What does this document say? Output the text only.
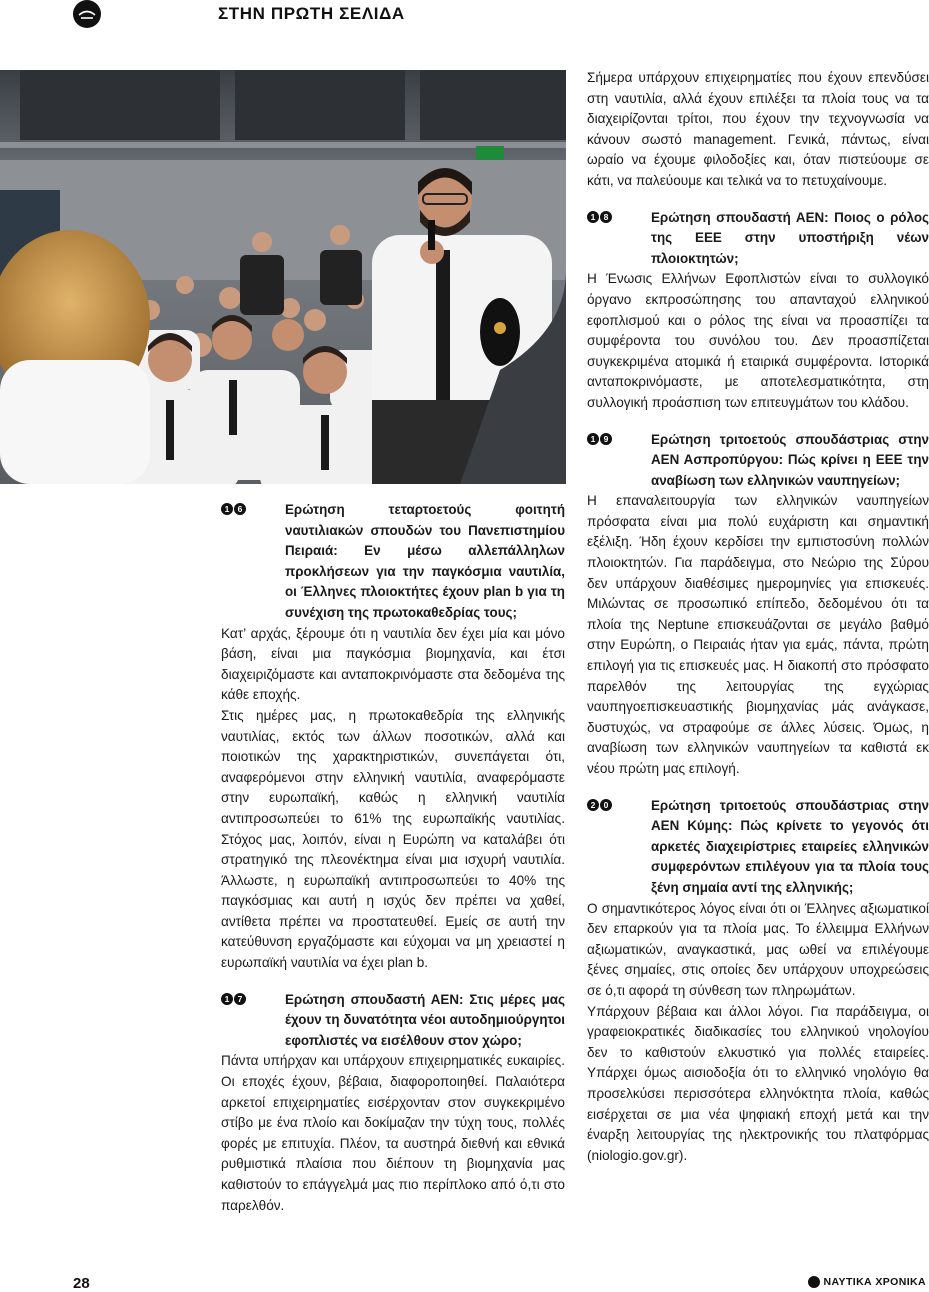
ΣΤΗΝ ΠΡΩΤΗ ΣΕΛΙΔΑ
1 6	Ερώτηση τεταρτοετούς φοιτητή ναυτιλιακών σπουδών του Πανεπιστημίου Πειραιά: Εν μέσω αλλεπάλληλων προκλήσεων για την παγκόσμια ναυτιλία, οι Έλληνες πλοιοκτήτες έχουν plan b για τη συνέχιση της πρωτοκαθεδρίας τους;

Κατ’ αρχάς, ξέρουμε ότι η ναυτιλία δεν έχει μία και μόνο βάση, είναι μια παγκόσμια βιομηχανία, και έτσι διαχειριζόμαστε και ανταποκρινόμαστε στα δεδομένα της κάθε εποχής.

Στις ημέρες μας, η πρωτοκαθεδρία της ελληνικής ναυτιλίας, εκτός των άλλων ποσοτικών, αλλά και ποιοτικών της χαρακτηριστικών, συνεπάγεται ότι, αναφερόμενοι στην ελληνική ναυτιλία, αναφερόμαστε στην ευρωπαϊκή, καθώς η ελληνική ναυτιλία αντιπροσωπεύει το 61% της ευρωπαϊκής ναυτιλίας. Στόχος μας, λοιπόν, είναι η Ευρώπη να καταλάβει ότι στρατηγικό της πλεονέκτημα είναι μια ισχυρή ναυτιλία. Άλλωστε, η ευρωπαϊκή αντιπροσωπεύει το 40% της παγκόσμιας και αυτή η ισχύς δεν πρέπει να χαθεί, αντίθετα πρέπει να προστατευθεί. Εμείς σε αυτή την κατεύθυνση εργαζόμαστε και εύχομαι να μη χρειαστεί η ευρωπαϊκή ναυτιλία να έχει plan b.

1 7	Ερώτηση σπουδαστή ΑΕΝ: Στις μέρες μας έχουν τη δυνατότητα νέοι αυτοδημιούργητοι εφοπλιστές να εισέλθουν στον χώρο;

Πάντα υπήρχαν και υπάρχουν επιχειρηματικές ευκαιρίες. Οι εποχές έχουν, βέβαια, διαφοροποιηθεί. Παλαιότερα αρκετοί επιχειρηματίες εισέρχονταν στον συγκεκριμένο στίβο με ένα πλοίο και δοκίμαζαν την τύχη τους, πολλές φορές με επιτυχία. Πλέον, τα αυστηρά διεθνή και εθνικά ρυθμιστικά πλαίσια που διέπουν τη βιομηχανία μας καθιστούν το επάγγελμά μας πιο περίπλοκο από ό,τι στο παρελθόν.

Σήμερα υπάρχουν επιχειρηματίες που έχουν επενδύσει στη ναυτιλία, αλλά έχουν επιλέξει τα πλοία τους να τα διαχειρίζονται τρίτοι, που έχουν την τεχνογνωσία να κάνουν σωστό management. Γενικά, πάντως, είναι ωραίο να έχουμε φιλοδοξίες και, όταν πιστεύουμε σε κάτι, να παλεύουμε και τελικά να το πετυχαίνουμε.

1 8	Ερώτηση σπουδαστή ΑΕΝ: Ποιος ο ρόλος της ΕΕΕ στην υποστήριξη νέων πλοιοκτητών;

Η Ένωσις Ελλήνων Εφοπλιστών είναι το συλλογικό όργανο εκπροσώπησης του απανταχού ελληνικού εφοπλισμού και ο ρόλος της είναι να προασπίζει τα συμφέροντα του συνόλου του. Δεν προασπίζεται συγκεκριμένα ατομικά ή εταιρικά συμφέροντα. Ιστορικά ανταποκρινόμαστε, με αποτελεσματικότητα, στη συλλογική προάσπιση των επιτευγμάτων του κλάδου.

1 9	Ερώτηση τριτοετούς σπουδάστριας στην ΑΕΝ Ασπροπύργου: Πώς κρίνει η ΕΕΕ την αναβίωση των ελληνικών ναυπηγείων;

Η επαναλειτουργία των ελληνικών ναυπηγείων πρόσφατα είναι μια πολύ ευχάριστη και σημαντική εξέλιξη. Ήδη έχουν κερδίσει την εμπιστοσύνη πολλών πλοιοκτητών. Για παράδειγμα, στο Νεώριο της Σύρου δεν υπάρχουν διαθέσιμες ημερομηνίες για επισκευές. Μιλώντας σε προσωπικό επίπεδο, δεδομένου ότι τα πλοία της Neptune επισκευάζονται σε μεγάλο βαθμό στην Ευρώπη, ο Πειραιάς ήταν για εμάς, πάντα, πρώτη επιλογή για τις επισκευές μας. Η διακοπή στο πρόσφατο παρελθόν της λειτουργίας της εγχώριας ναυπηγοεπισκευαστικής βιομηχανίας μάς ανάγκασε, δυστυχώς, να στραφούμε σε άλλες λύσεις. Όμως, η αναβίωση των ελληνικών ναυπηγείων τα καθιστά εκ νέου πρώτη μας επιλογή.

2 0	Ερώτηση τριτοετούς σπουδάστριας στην ΑΕΝ Κύμης: Πώς κρίνετε το γεγονός ότι αρκετές διαχειρίστριες εταιρείες ελληνικών συμφερόντων επιλέγουν για τα πλοία τους ξένη σημαία αντί της ελληνικής;

Ο σημαντικότερος λόγος είναι ότι οι Έλληνες αξιωματικοί δεν επαρκούν για τα πλοία μας. Το έλλειμμα Ελλήνων αξιωματικών, αναγκαστικά, μας ωθεί να επιλέγουμε ξένες σημαίες, στις οποίες δεν υπάρχουν υποχρεώσεις σε ό,τι αφορά τη σύνθεση των πληρωμάτων.

Υπάρχουν βέβαια και άλλοι λόγοι. Για παράδειγμα, οι γραφειοκρατικές διαδικασίες του ελληνικού νηολογίου δεν το καθιστούν ελκυστικό για πολλές εταιρείες. Υπάρχει όμως αισιοδοξία ότι το ελληνικό νηολόγιο θα προσελκύσει περισσότερα ελληνόκτητα πλοία, καθώς εισέρχεται σε μια νέα ψηφιακή εποχή μετά και την έναρξη λειτουργίας της ηλεκτρονικής του πλατφόρμας (niologio.gov.gr).

28	ΝΑΥΤΙΚΑ ΧΡΟΝΙΚΑ
